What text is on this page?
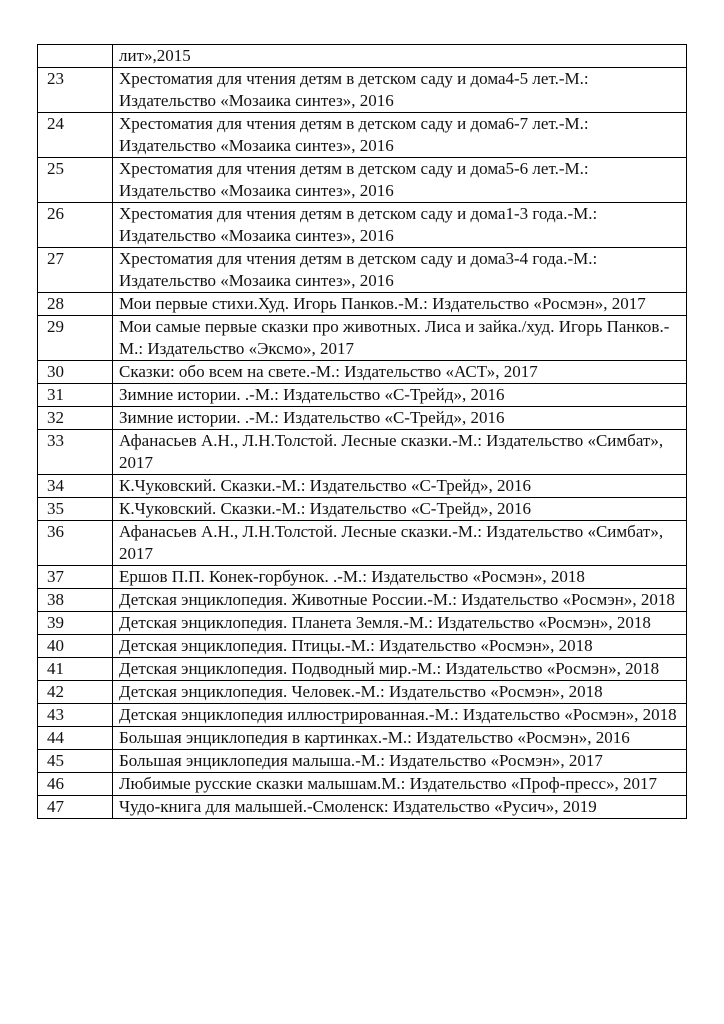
	лит»,2015
23	Хрестоматия для чтения детям в детском саду и дома4-5 лет.-М.: Издательство «Мозаика синтез», 2016
24	Хрестоматия для чтения детям в детском саду и дома6-7 лет.-М.: Издательство «Мозаика синтез», 2016
25	Хрестоматия для чтения детям в детском саду и дома5-6 лет.-М.: Издательство «Мозаика синтез», 2016
26	Хрестоматия для чтения детям в детском саду и дома1-3 года.-М.: Издательство «Мозаика синтез», 2016
27	Хрестоматия для чтения детям в детском саду и дома3-4 года.-М.: Издательство «Мозаика синтез», 2016
28	Мои первые стихи.Худ. Игорь Панков.-М.: Издательство «Росмэн», 2017
29	Мои самые первые сказки про животных. Лиса и зайка./худ. Игорь Панков.-М.: Издательство «Эксмо», 2017
30	Сказки: обо всем на свете.-М.: Издательство «АСТ», 2017
31	Зимние истории. .-М.: Издательство «С-Трейд», 2016
32	Зимние истории. .-М.: Издательство «С-Трейд», 2016
33	Афанасьев А.Н., Л.Н.Толстой. Лесные сказки.-М.: Издательство «Симбат», 2017
34	К.Чуковский. Сказки.-М.: Издательство «С-Трейд», 2016
35	К.Чуковский. Сказки.-М.: Издательство «С-Трейд», 2016
36	Афанасьев А.Н., Л.Н.Толстой. Лесные сказки.-М.: Издательство «Симбат», 2017
37	Ершов П.П. Конек-горбунок. .-М.: Издательство «Росмэн», 2018
38	Детская энциклопедия. Животные России.-М.: Издательство «Росмэн», 2018
39	Детская энциклопедия. Планета Земля.-М.: Издательство «Росмэн», 2018
40	Детская энциклопедия. Птицы.-М.: Издательство «Росмэн», 2018
41	Детская энциклопедия. Подводный мир.-М.: Издательство «Росмэн», 2018
42	Детская энциклопедия. Человек.-М.: Издательство «Росмэн», 2018
43	Детская энциклопедия иллюстрированная.-М.: Издательство «Росмэн», 2018
44	Большая энциклопедия в картинках.-М.: Издательство «Росмэн», 2016
45	Большая энциклопедия малыша.-М.: Издательство «Росмэн», 2017
46	Любимые русские сказки малышам.М.: Издательство «Проф-пресс», 2017
47	Чудо-книга для малышей.-Смоленск: Издательство «Русич», 2019
